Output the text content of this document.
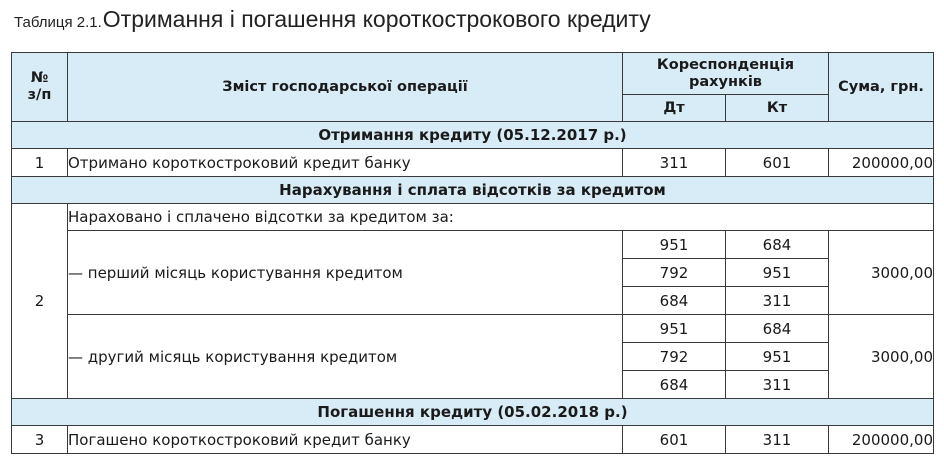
Таблиця 2.1. Отримання і погашення короткострокового кредиту
№ з/п	Зміст господарської операції	Кореспонденція рахунків		Сума, грн.
		Дт	Кт	
Отримання кредиту (05.12.2017 р.)				
1	Отримано короткостроковий кредит банку	311	601	200000,00
Нарахування і сплата відсотків за кредитом				
2	Нараховано і сплачено відсотки за кредитом за:			
	— перший місяць користування кредитом	951	684	3000,00
		792	951	
		684	311	
	— другий місяць користування кредитом	951	684	3000,00
		792	951	
		684	311	
Погашення кредиту (05.02.2018 р.)				
3	Погашено короткостроковий кредит банку	601	311	200000,00
